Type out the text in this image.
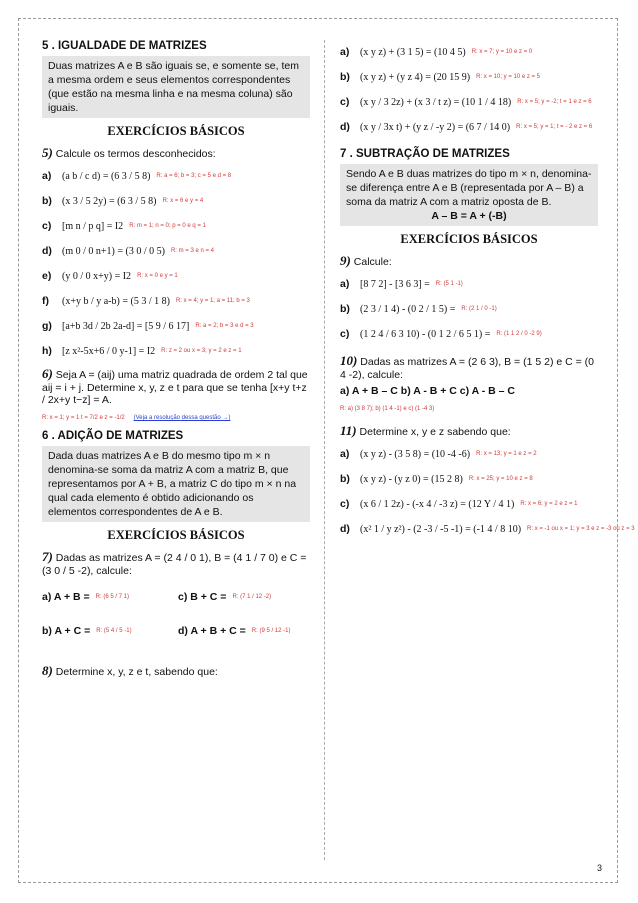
5 . IGUALDADE DE MATRIZES
Duas matrizes A e B são iguais se, e somente se, tem a mesma ordem e seus elementos correspondentes (que estão na mesma linha e na mesma coluna) são iguais.
EXERCÍCIOS BÁSICOS
5) Calcule os termos desconhecidos:
a)	(a b / c d) = (6 3 / 5 8) R: a = 6; b = 3; c = 5 e d = 8
b)	(x 3 / 5 2y) = (6 3 / 5 8) R: x = 6 e y = 4
c)	[m n / p q] = I2 R: m = 1; n = 0; p = 0 e q = 1
d)	(m 0 / 0 n+1) = (3 0 / 0 5) R: m = 3 e n = 4
e)	(y 0 / 0 x+y) = I2 R: x = 0 e y = 1
f)	(x+y b / y a-b) = (5 3 / 1 8) R: x = 4; y = 1; a = 11; b = 3
g)	[a+b 3d / 2b 2a-d] = [5 9 / 6 17] R: a = 2; b = 3 e d = 3
h)	[z x²-5x+6 / 0 y-1] = I2 R: z = 2 ou x = 3; y = 2 e z = 1
6) Seja A = (aij) uma matriz quadrada de ordem 2 tal que aij = i + j. Determine x, y, z e t para que se tenha [x+y t+z / 2x+y t−z] = A.
R: x = 1; y = 1 t = 7/2 e z = -1/2 (Veja a resolução dessa questão →)
6 . ADIÇÃO DE MATRIZES
Dada duas matrizes A e B do mesmo tipo m × n denomina-se soma da matriz A com a matriz B, que representamos por A + B, a matriz C do tipo m × n na qual cada elemento é obtido adicionando os elementos correspondentes de A e B.
EXERCÍCIOS BÁSICOS
7) Dadas as matrizes A = (2 4 / 0 1), B = (4 1 / 7 0) e C = (3 0 / 5 -2), calcule:
a) A + B = R: (6 5 / 7 1)	c) B + C = R: (7 1 / 12 -2)
b) A + C = R: (5 4 / 5 -1)	d) A + B + C = R: (9 5 / 12 -1)
8) Determine x, y, z e t, sabendo que:
a)	(x y z) + (3 1 5) = (10 4 5) R: x = 7; y = 10 e z = 0
b)	(x y z) + (y z 4) = (20 15 9) R: x = 10; y = 10 e z = 5
c)	(x y / 3 2z) + (x 3 / t z) = (10 1 / 4 18) R: x = 5; y = -2; t = 1 e z = 6
d)	(x y / 3x t) + (y z / -y 2) = (6 7 / 14 0) R: x = 5; y = 1; t = - 2 e z = 6
7 . SUBTRAÇÃO DE MATRIZES
Sendo A e B duas matrizes do tipo m × n, denomina-se diferença entre A e B (representada por A – B) a soma da matriz A com a matriz oposta de B.
A – B = A + (-B)
EXERCÍCIOS BÁSICOS
9) Calcule:
a)	[8 7 2] - [3 6 3] = R: (5 1 -1)
b)	(2 3 / 1 4) - (0 2 / 1 5) = R: (2 1 / 0 -1)
c)	(1 2 4 / 6 3 10) - (0 1 2 / 6 5 1) = R: (1 1 2 / 0 -2 9)
10) Dadas as matrizes A = (2 6 3), B = (1 5 2) e C = (0 4 -2), calcule:
a) A + B – C b) A - B + C c) A - B – C
R: a) (3 8 7); b) (1 4 -1) e c) (1 -4 3)
11) Determine x, y e z sabendo que:
a)	(x y z) - (3 5 8) = (10 -4 -6) R: x = 13; y = 1 e z = 2
b)	(x y z) - (y z 0) = (15 2 8) R: x = 25; y = 10 e z = 8
c)	(x 6 / 1 2z) - (-x 4 / -3 z) = (12 Y / 4 1) R: x = 6; y = 2 e z = 1
d)	(x² 1 / y z²) - (2 -3 / -5 -1) = (-1 4 / 8 10) R: x = -1 ou x = 1; y = 3 e z = -3 ou z = 3
3
